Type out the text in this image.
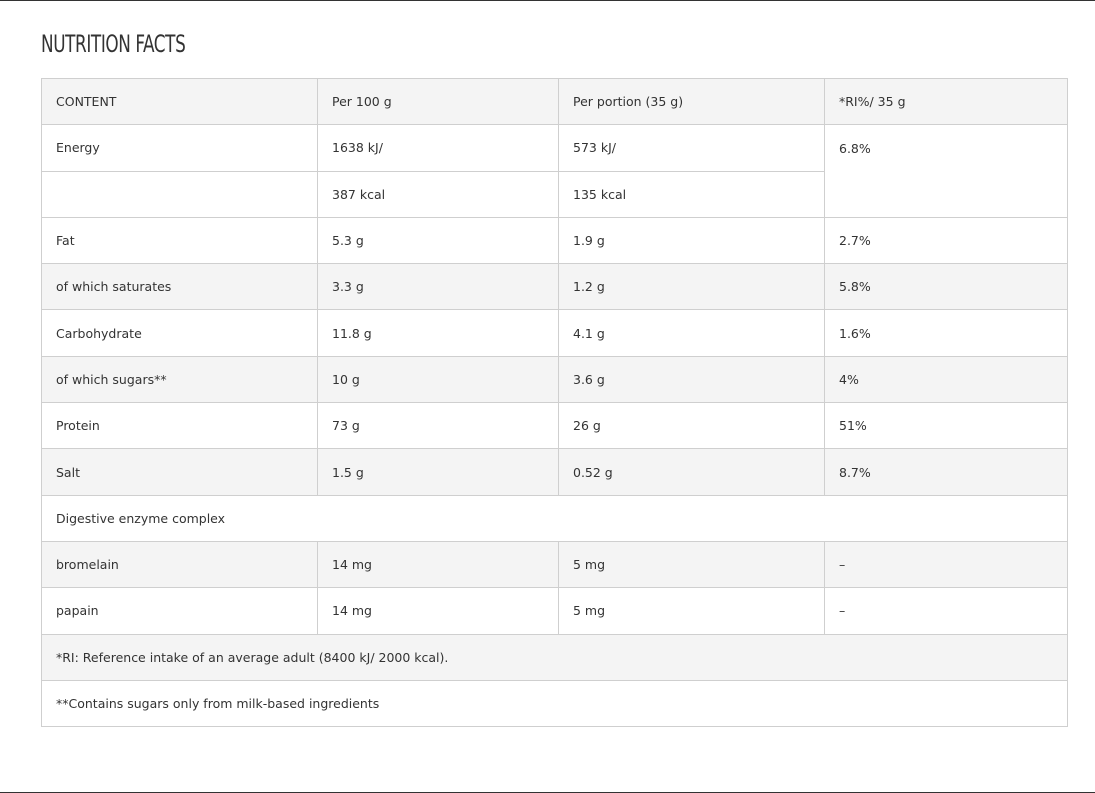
NUTRITION FACTS
CONTENT	Per 100 g	Per portion (35 g)	*RI%/ 35 g
Energy	1638 kJ/	573 kJ/	6.8%
	387 kcal	135 kcal	
Fat	5.3 g	1.9 g	2.7%
of which saturates	3.3 g	1.2 g	5.8%
Carbohydrate	11.8 g	4.1 g	1.6%
of which sugars**	10 g	3.6 g	4%
Protein	73 g	26 g	51%
Salt	1.5 g	0.52 g	8.7%
Digestive enzyme complex			
bromelain	14 mg	5 mg	–
papain	14 mg	5 mg	–
*RI: Reference intake of an average adult (8400 kJ/ 2000 kcal).			
**Contains sugars only from milk-based ingredients			
